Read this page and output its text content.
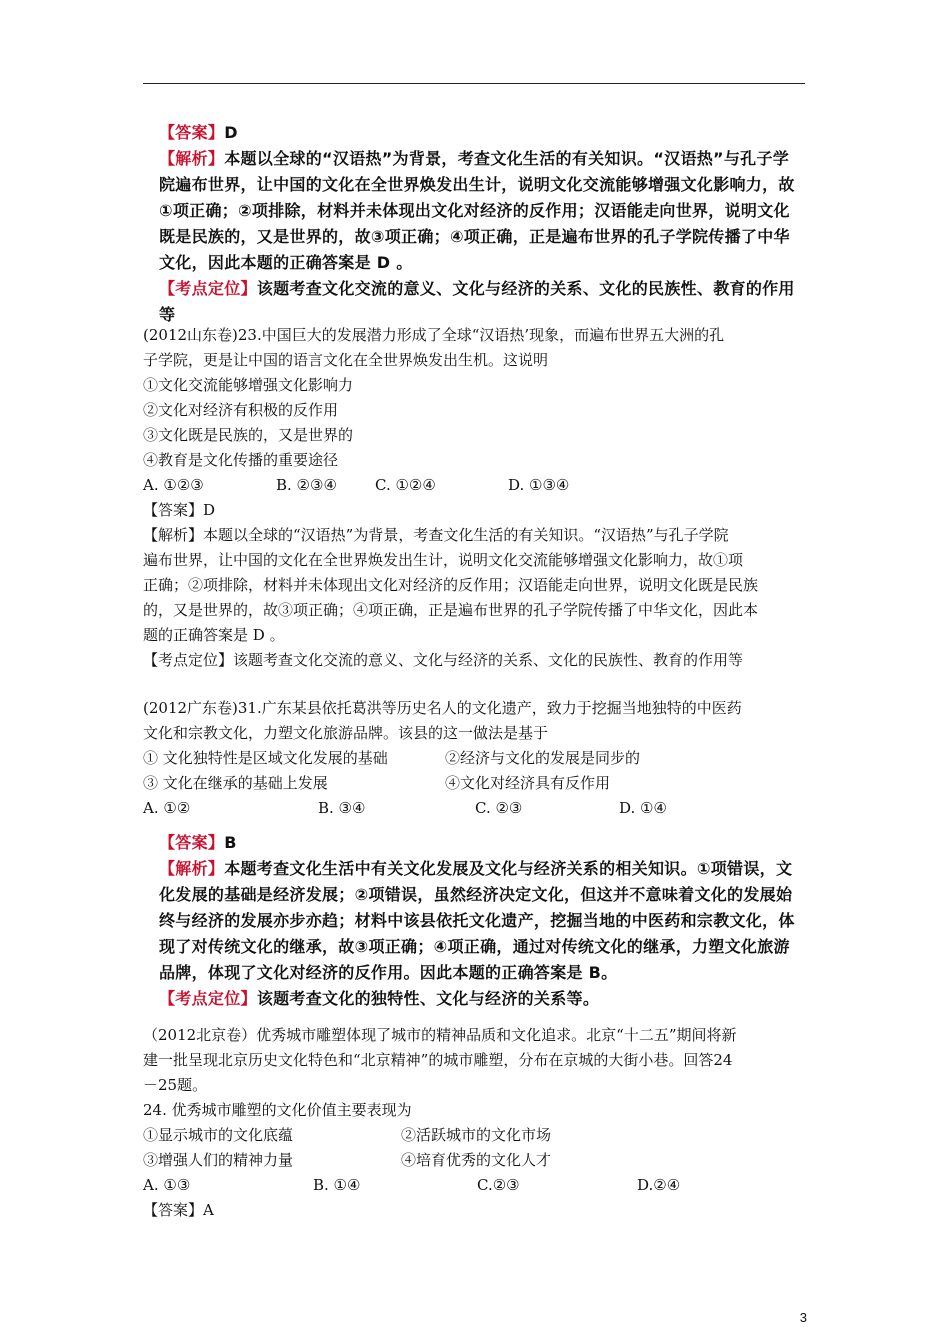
【答案】D
【解析】本题以全球的“汉语热”为背景，考查文化生活的有关知识。“汉语热”与孔子学
院遍布世界，让中国的文化在全世界焕发出生计，说明文化交流能够增强文化影响力，故
①项正确；②项排除，材料并未体现出文化对经济的反作用；汉语能走向世界，说明文化
既是民族的，又是世界的，故③项正确；④项正确，正是遍布世界的孔子学院传播了中华
文化，因此本题的正确答案是 D 。
【考点定位】该题考查文化交流的意义、文化与经济的关系、文化的民族性、教育的作用
等
(2012山东卷)23.中国巨大的发展潜力形成了全球“汉语热’现象，而遍布世界五大洲的孔
子学院，更是让中国的语言文化在全世界焕发出生机。这说明
①文化交流能够增强文化影响力
②文化对经济有积极的反作用
③文化既是民族的，又是世界的
④教育是文化传播的重要途径
A. ①②③	B. ②③④	C. ①②④	D. ①③④
【答案】D
【解析】本题以全球的“汉语热”为背景，考查文化生活的有关知识。“汉语热”与孔子学院
遍布世界，让中国的文化在全世界焕发出生计，说明文化交流能够增强文化影响力，故①项
正确；②项排除，材料并未体现出文化对经济的反作用；汉语能走向世界，说明文化既是民族
的，又是世界的，故③项正确；④项正确，正是遍布世界的孔子学院传播了中华文化，因此本
题的正确答案是 D 。
【考点定位】该题考查文化交流的意义、文化与经济的关系、文化的民族性、教育的作用等
(2012广东卷)31.广东某县依托葛洪等历史名人的文化遗产，致力于挖掘当地独特的中医药
文化和宗教文化，力塑文化旅游品牌。该县的这一做法是基于
① 文化独特性是区域文化发展的基础	②经济与文化的发展是同步的
③ 文化在继承的基础上发展	④文化对经济具有反作用
A. ①②	B. ③④	C. ②③	D. ①④
【答案】B
【解析】本题考查文化生活中有关文化发展及文化与经济关系的相关知识。①项错误，文
化发展的基础是经济发展；②项错误，虽然经济决定文化，但这并不意味着文化的发展始
终与经济的发展亦步亦趋；材料中该县依托文化遗产，挖掘当地的中医药和宗教文化，体
现了对传统文化的继承，故③项正确；④项正确，通过对传统文化的继承，力塑文化旅游
品牌，体现了文化对经济的反作用。因此本题的正确答案是 B。
【考点定位】该题考查文化的独特性、文化与经济的关系等。
（2012北京卷）优秀城市雕塑体现了城市的精神品质和文化追求。北京“十二五”期间将新
建一批呈现北京历史文化特色和“北京精神”的城市雕塑，分布在京城的大街小巷。回答24
－25题。
24. 优秀城市雕塑的文化价值主要表现为
①显示城市的文化底蕴	②活跃城市的文化市场
③增强人们的精神力量	④培育优秀的文化人才
A. ①③	B. ①④	C.②③	D.②④
【答案】A
3
